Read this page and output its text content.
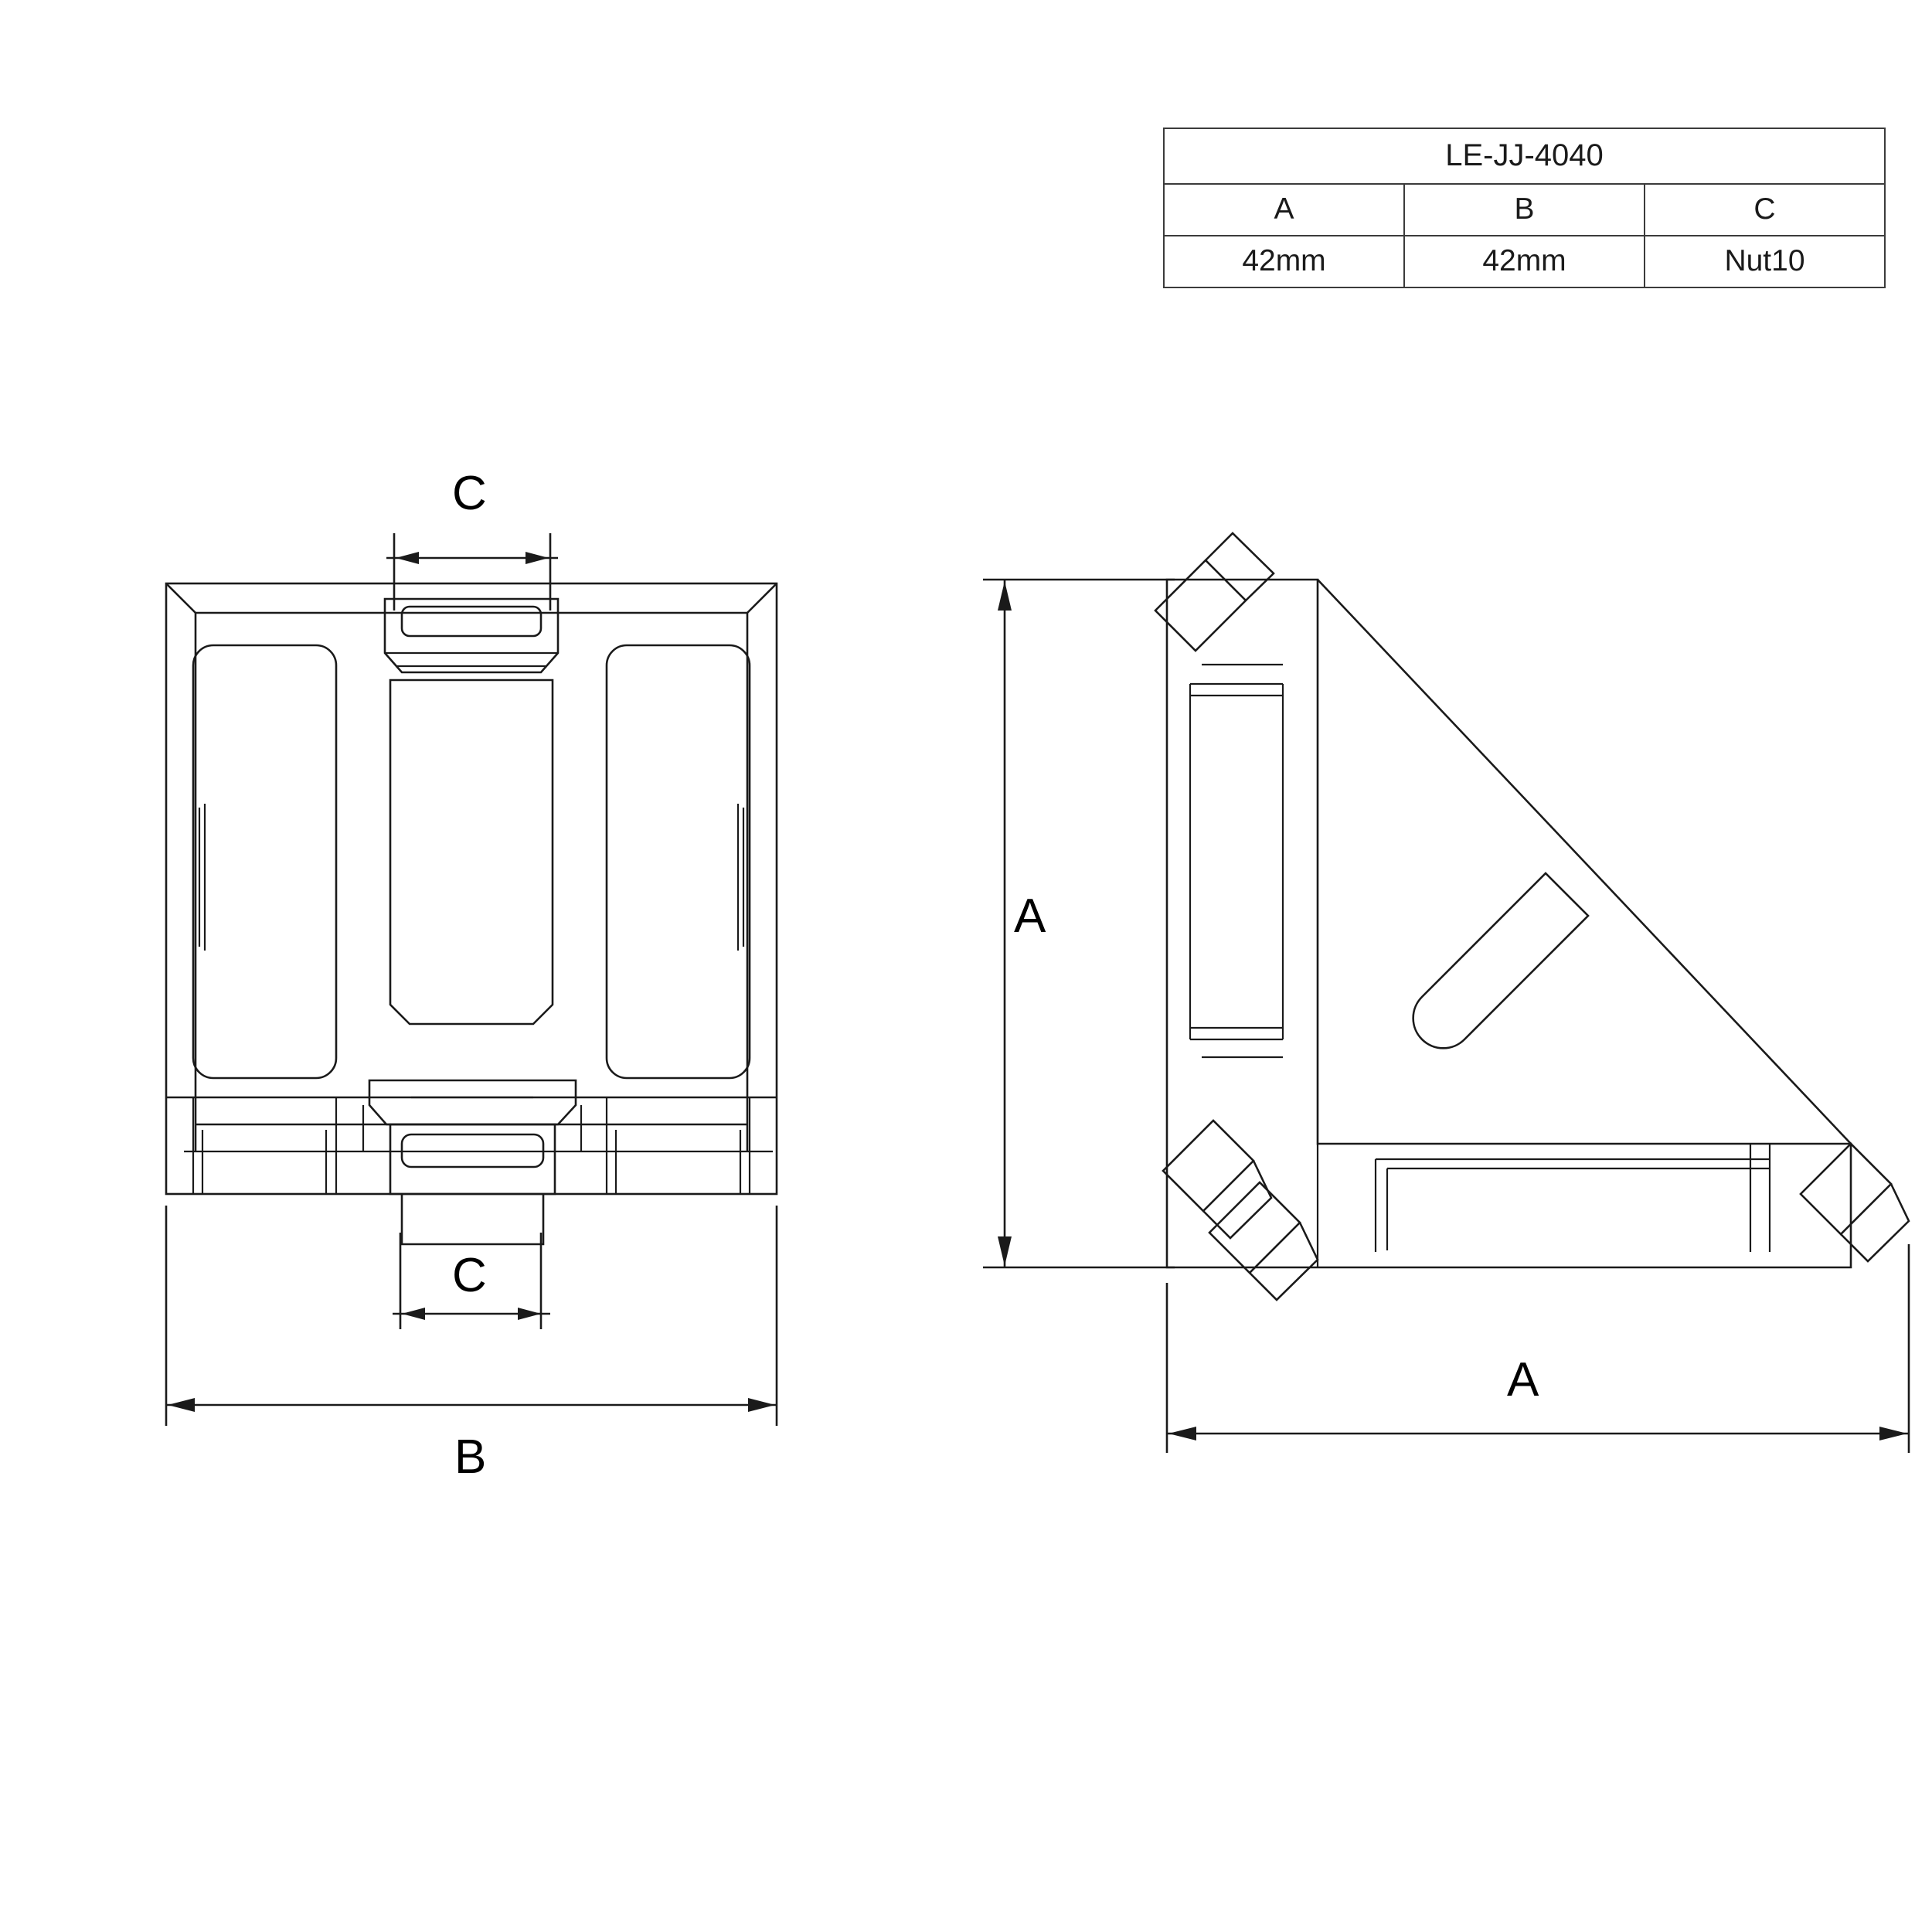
LE-JJ-4040		
A	B	C
42mm	42mm	Nut10
C
C
B
A
A
